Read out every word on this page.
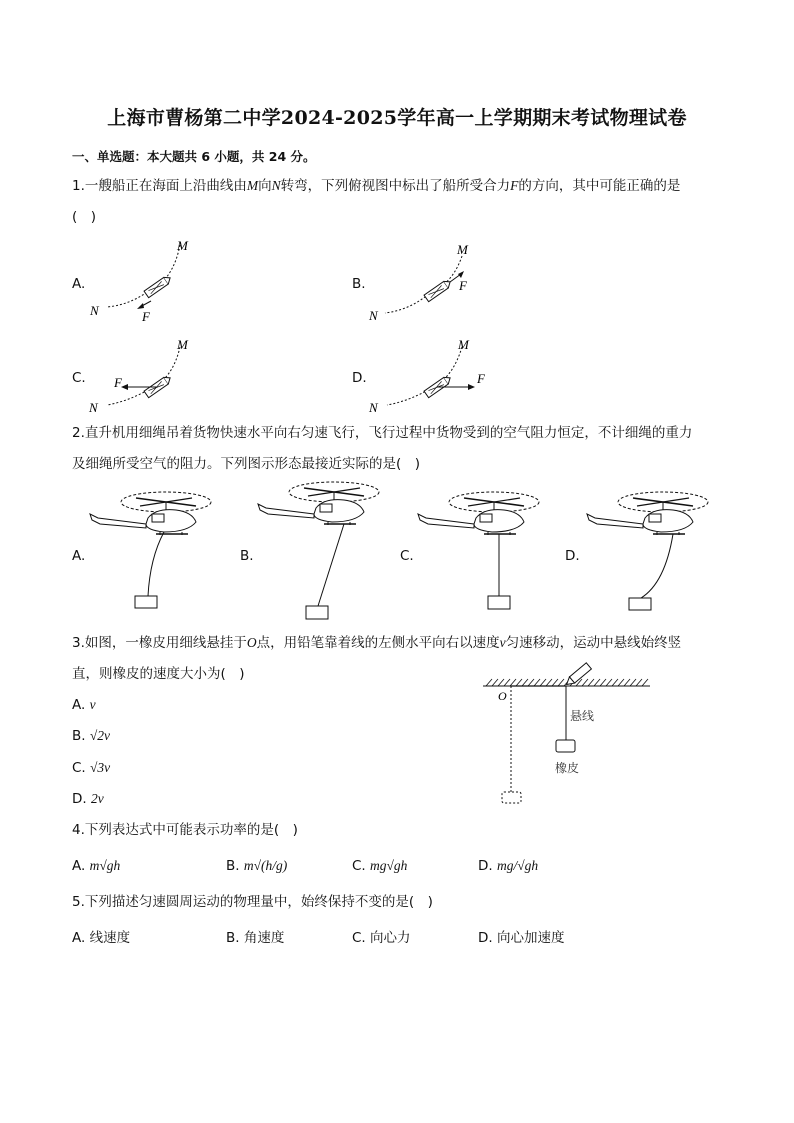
上海市曹杨第二中学2024-2025学年高一上学期期末考试物理试卷
一、单选题：本大题共 6 小题，共 24 分。
1.一艘船正在海面上沿曲线由M向N转弯，下列俯视图中标出了船所受合力F的方向，其中可能正确的是
(　)
A.	B.
C.	D.
M
N	F
M
N
F
M
N
F
M
N
F
2.直升机用细绳吊着货物快速水平向右匀速飞行，飞行过程中货物受到的空气阻力恒定，不计细绳的重力
及细绳所受空气的阻力。下列图示形态最接近实际的是(　)
A.	B.	C.	D.
3.如图，一橡皮用细线悬挂于O点，用铅笔靠着线的左侧水平向右以速度v匀速移动，运动中悬线始终竖
直，则橡皮的速度大小为(　)
A. v
B. √2v
C. √3v
D. 2v
O
悬线
橡皮
4.下列表达式中可能表示功率的是(　)
A. m√gh	B. m√(h/g)	C. mg√gh	D. mg/√gh
5.下列描述匀速圆周运动的物理量中，始终保持不变的是(　)
A. 线速度	B. 角速度	C. 向心力	D. 向心加速度
